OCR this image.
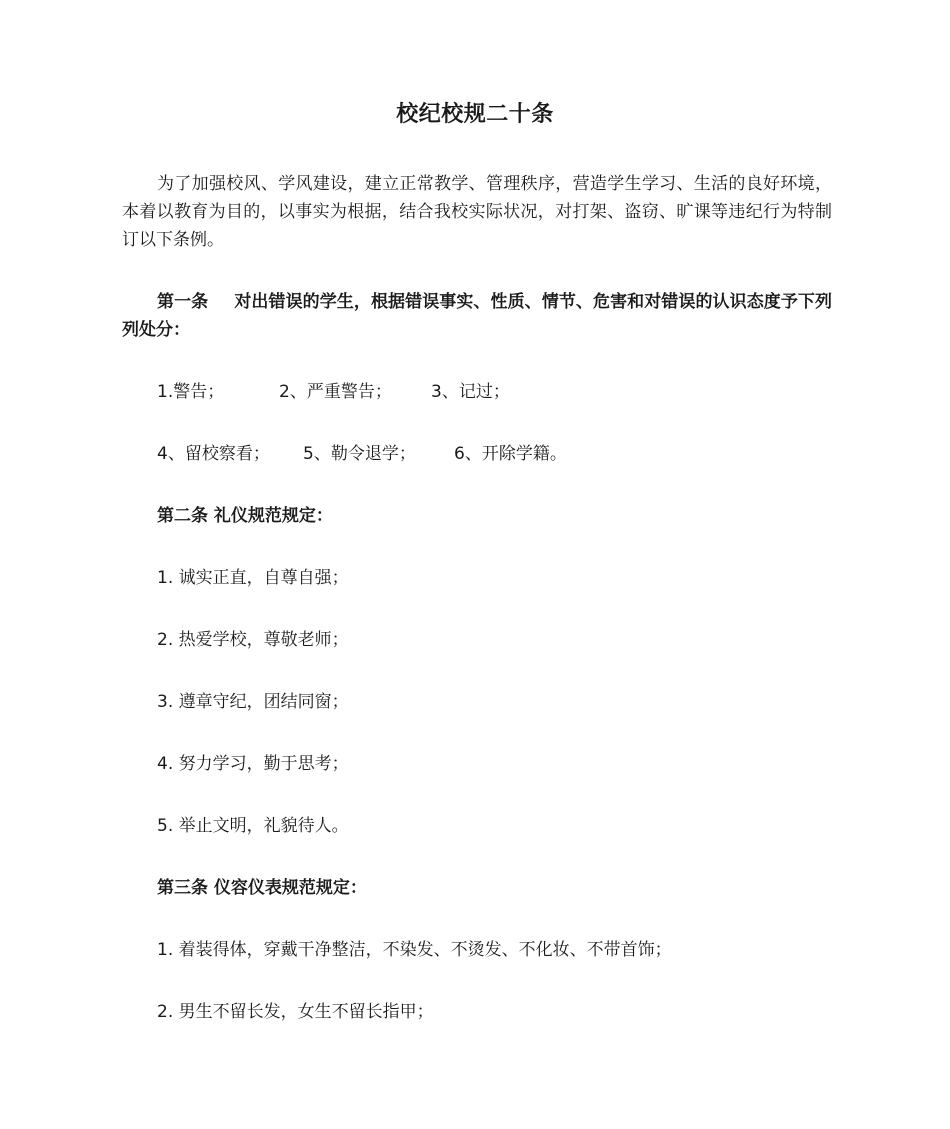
校纪校规二十条
为了加强校风、学风建设，建立正常教学、管理秩序，营造学生学习、生活的良好环境，本着以教育为目的，以事实为根据，结合我校实际状况，对打架、盗窃、旷课等违纪行为特制订以下条例。
第一条 对出错误的学生，根据错误事实、性质、情节、危害和对错误的认识态度予下列列处分：
1.警告；	2、严重警告； 3、记过；
4、留校察看； 5、勒令退学； 6、开除学籍。
第二条 礼仪规范规定：
1. 诚实正直，自尊自强；
2. 热爱学校，尊敬老师；
3. 遵章守纪，团结同窗；
4. 努力学习，勤于思考；
5. 举止文明，礼貌待人。
第三条 仪容仪表规范规定：
1. 着装得体，穿戴干净整洁，不染发、不烫发、不化妆、不带首饰；
2. 男生不留长发，女生不留长指甲；
